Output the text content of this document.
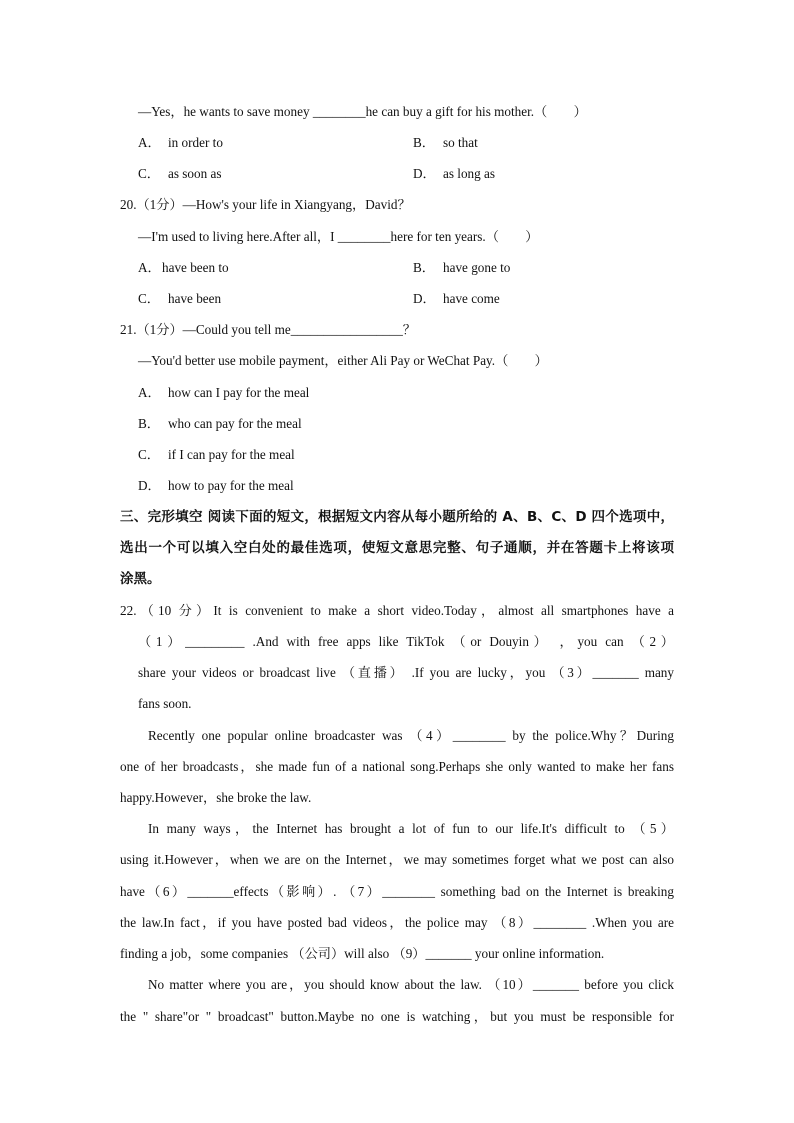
—Yes，he wants to save money ________he can buy a gift for his mother.（　　）
A． in order to	B． so that
C． as soon as	D． as long as
20.（1分）—How's your life in Xiangyang，David？
—I'm used to living here.After all，I ________here for ten years.（　　）
A．have been to	B． have gone to
C． have been	D． have come
21.（1分）—Could you tell me_________________？
—You'd better use mobile payment，either Ali Pay or WeChat Pay.（　　）
A． how can I pay for the meal
B． who can pay for the meal
C． if I can pay for the meal
D． how to pay for the meal
三、完形填空 阅读下面的短文，根据短文内容从每小题所给的 A、B、C、D 四个选项中，
选出一个可以填入空白处的最佳选项，使短文意思完整、句子通顺，并在答题卡上将该项
涂黑。
22.（10 分）It is convenient to make a short video.Today，almost all smartphones have a
（1）_________ .And with free apps like TikTok （or Douyin） ，you can （2）
share your videos or broadcast live （直播） .If you are lucky，you （3）_______ many
fans soon.
Recently one popular online broadcaster was （4）________ by the police.Why？During
one of her broadcasts，she made fun of a national song.Perhaps she only wanted to make her fans
happy.However，she broke the law.
In many ways，the Internet has brought a lot of fun to our life.It's difficult to （5）
using it.However，when we are on the Internet，we may sometimes forget what we post can also
have（6）_______effects（影响）. （7）________ something bad on the Internet is breaking
the law.In fact，if you have posted bad videos，the police may （8）________ .When you are
finding a job，some companies （公司）will also （9）_______ your online information.
No matter where you are，you should know about the law. （10）_______ before you click
the " share"or " broadcast" button.Maybe no one is watching，but you must be responsible for
